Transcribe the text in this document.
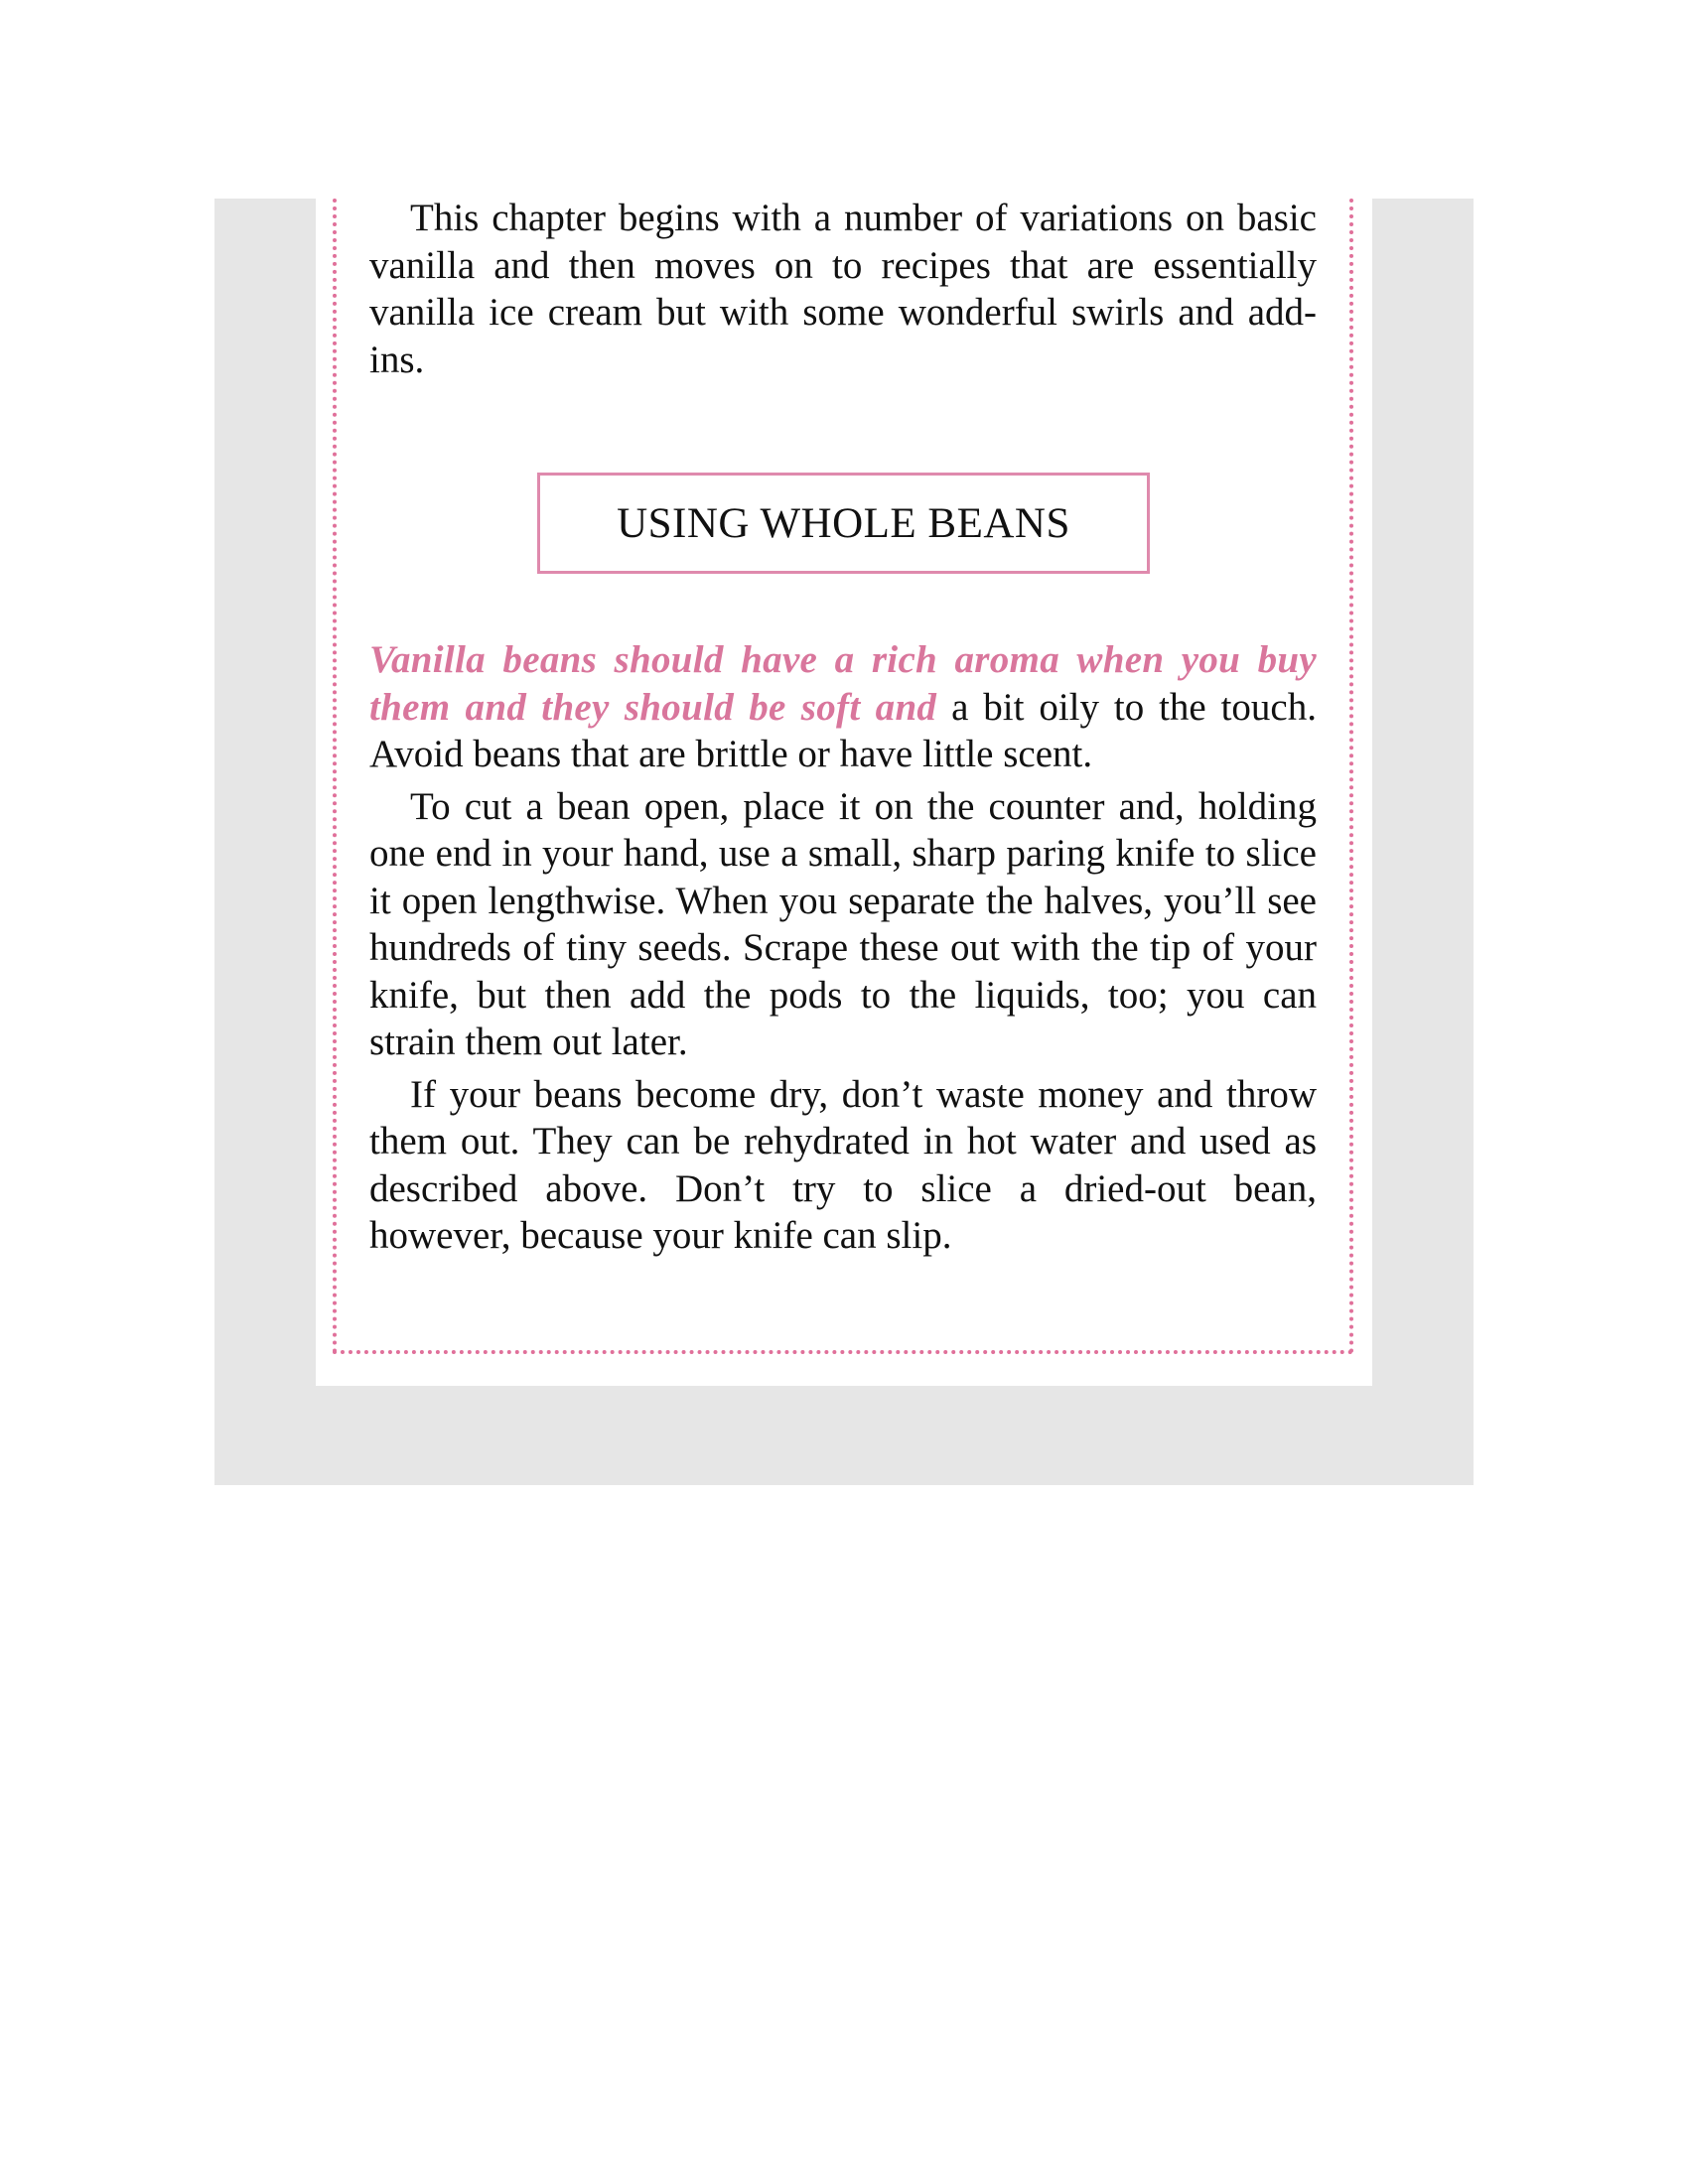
This chapter begins with a number of variations on basic vanilla and then moves on to recipes that are essentially vanilla ice cream but with some wonderful swirls and add-ins.

USING WHOLE BEANS

Vanilla beans should have a rich aroma when you buy them and they should be soft and a bit oily to the touch. Avoid beans that are brittle or have little scent.

To cut a bean open, place it on the counter and, holding one end in your hand, use a small, sharp paring knife to slice it open lengthwise. When you separate the halves, you’ll see hundreds of tiny seeds. Scrape these out with the tip of your knife, but then add the pods to the liquids, too; you can strain them out later.

If your beans become dry, don’t waste money and throw them out. They can be rehydrated in hot water and used as described above. Don’t try to slice a dried-out bean, however, because your knife can slip.
